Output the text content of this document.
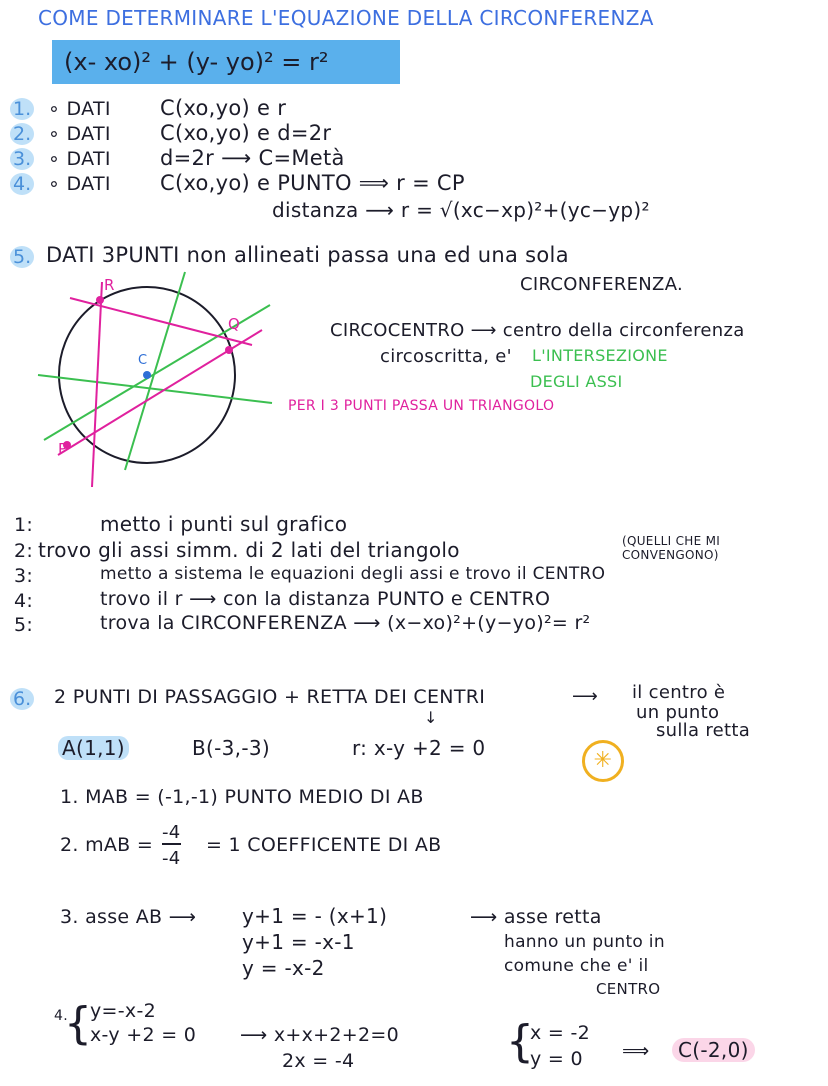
COME DETERMINARE L'EQUAZIONE DELLA CIRCONFERENZA
(x- xo)² + (y- yo)² = r²
1. ∘ DATI C(xo,yo) e r
2. ∘ DATI C(xo,yo) e d=2r
3. ∘ DATI d=2r ⟶ C=Metà
4. ∘ DATI C(xo,yo) e PUNTO ⟹ r = CP
distanza ⟶ r = √(xc−xp)²+(yc−yp)²
5. DATI 3PUNTI non allineati passa una ed una sola
CIRCONFERENZA.
R
Q
C
P
CIRCOCENTRO ⟶ centro della circonferenza
circoscritta, e' L'INTERSEZIONE
DEGLI ASSI
PER I 3 PUNTI PASSA UN TRIANGOLO
1:	metto i punti sul grafico
2: trovo gli assi simm. di 2 lati del triangolo	(QUELLI CHE MI CONVENGONO)
3:	metto a sistema le equazioni degli assi e trovo il CENTRO
4:	trovo il r ⟶ con la distanza PUNTO e CENTRO
5:	trova la CIRCONFERENZA ⟶ (x−xo)²+(y−yo)²= r²
6. 2 PUNTI DI PASSAGGIO + RETTA DEI CENTRI	⟶ il centro è
un punto
sulla retta
↓
A(1,1)	B(-3,-3)	r: x-y +2 = 0	✳
1. MAB = (-1,-1) PUNTO MEDIO DI AB
2. mAB =
-4
-4
= 1 COEFFICENTE DI AB
3. asse AB ⟶ y+1 = - (x+1)
y+1 = -x-1
y = -x-2
⟶ asse retta
hanno un punto in
comune che e' il
CENTRO
4.
{
y=-x-2
x-y +2 = 0 ⟶ x+x+2+2=0
2x = -4	{
x = -2
y = 0 ⟹	C(-2,0)
